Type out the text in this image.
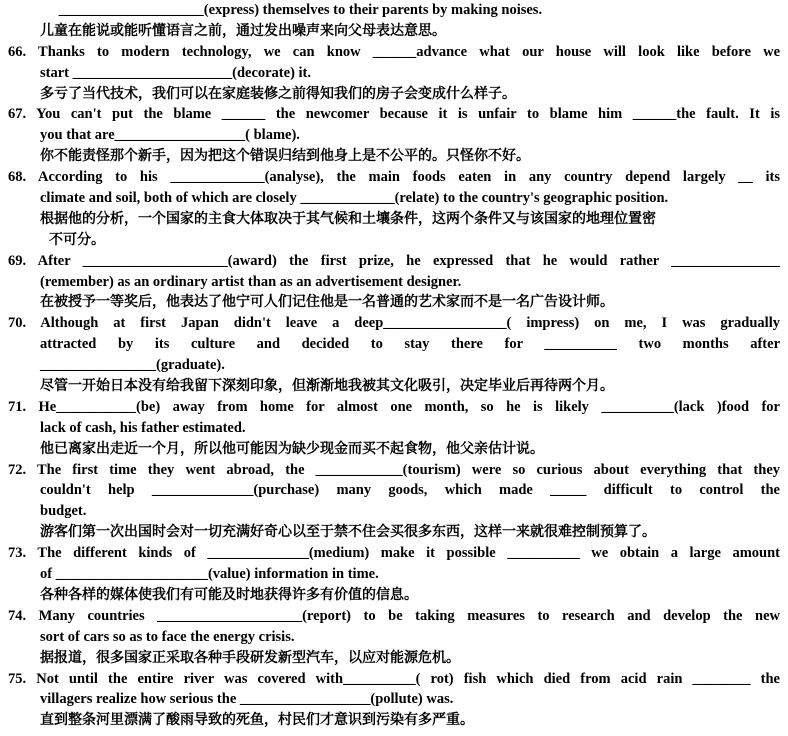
____________________(express) themselves to their parents by making noises.
儿童在能说或能听懂语言之前，通过发出噪声来向父母表达意思。
66. Thanks to modern technology, we can know ______advance what our house will look like before we
start ______________________(decorate) it.
多亏了当代技术，我们可以在家庭装修之前得知我们的房子会变成什么样子。
67. You can't put the blame ______ the newcomer because it is unfair to blame him ______the fault. It is
you that are__________________( blame).
你不能责怪那个新手，因为把这个错误归结到他身上是不公平的。只怪你不好。
68. According to his _____________(analyse), the main foods eaten in any country depend largely __ its
climate and soil, both of which are closely _____________(relate) to the country's geographic position.
根据他的分析，一个国家的主食大体取决于其气候和土壤条件，这两个条件又与该国家的地理位置密
不可分。
69. After ____________________(award) the first prize, he expressed that he would rather _______________
(remember) as an ordinary artist than as an advertisement designer.
在被授予一等奖后，他表达了他宁可人们记住他是一名普通的艺术家而不是一名广告设计师。
70. Although at first Japan didn't leave a deep_________________( impress) on me, I was gradually
attracted by its culture and decided to stay there for __________ two months after
________________(graduate).
尽管一开始日本没有给我留下深刻印象，但渐渐地我被其文化吸引，决定毕业后再待两个月。
71. He___________(be) away from home for almost one month, so he is likely __________(lack )food for
lack of cash, his father estimated.
他已离家出走近一个月，所以他可能因为缺少现金而买不起食物，他父亲估计说。
72. The first time they went abroad, the ____________(tourism) were so curious about everything that they
couldn't help ______________(purchase) many goods, which made _____ difficult to control the
budget.
游客们第一次出国时会对一切充满好奇心以至于禁不住会买很多东西，这样一来就很难控制预算了。
73. The different kinds of ______________(medium) make it possible __________ we obtain a large amount
of _____________________(value) information in time.
各种各样的媒体使我们有可能及时地获得许多有价值的信息。
74. Many countries ____________________(report) to be taking measures to research and develop the new
sort of cars so as to face the energy crisis.
据报道，很多国家正采取各种手段研发新型汽车，以应对能源危机。
75. Not until the entire river was covered with__________( rot) fish which died from acid rain ________ the
villagers realize how serious the __________________(pollute) was.
直到整条河里漂满了酸雨导致的死鱼，村民们才意识到污染有多严重。
